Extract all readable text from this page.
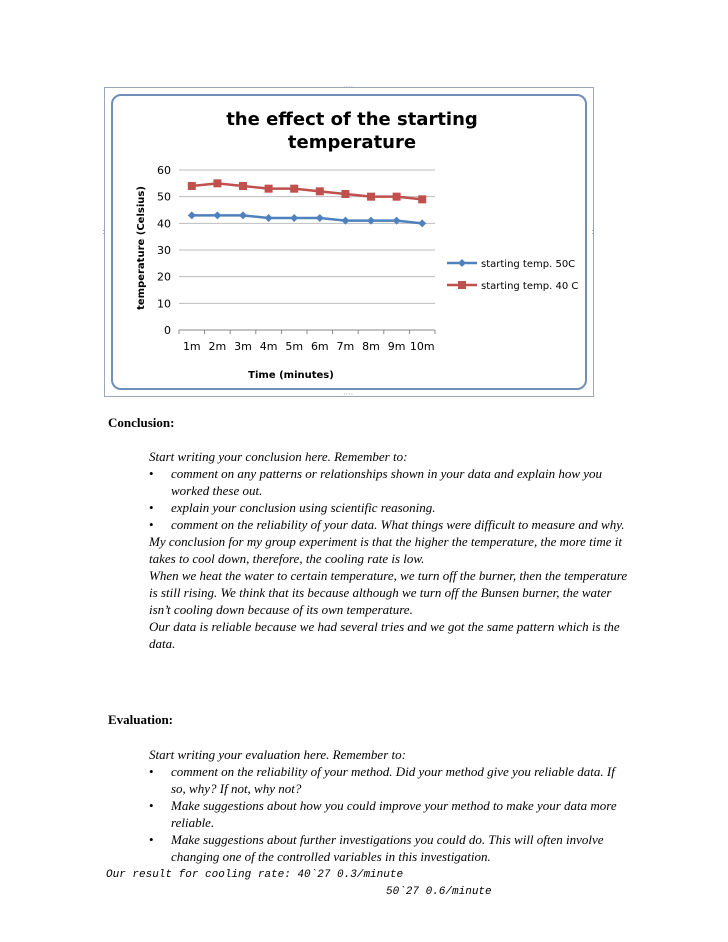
····
····
:	:
0
10
20
30
40
50
60
1m 2m 3m 4m 5m 6m 7m 8m 9m 10m
the effect of the starting
temperature
Time (minutes)
temperature (Celsius)	starting temp. 50C
starting temp. 40 C
Conclusion:

Start writing your conclusion here. Remember to:

• comment on any patterns or relationships shown in your data and explain how you worked these out.
• explain your conclusion using scientific reasoning.
• comment on the reliability of your data. What things were difficult to measure and why.

My conclusion for my group experiment is that the higher the temperature, the more time it takes to cool down, therefore, the cooling rate is low.

When we heat the water to certain temperature, we turn off the burner, then the temperature is still rising. We think that its because although we turn off the Bunsen burner, the water isn’t cooling down because of its own temperature.

Our data is reliable because we had several tries and we got the same pattern which is the data.

Evaluation:

Start writing your evaluation here. Remember to:

• comment on the reliability of your method. Did your method give you reliable data. If so, why? If not, why not?
• Make suggestions about how you could improve your method to make your data more reliable.
• Make suggestions about further investigations you could do. This will often involve changing one of the controlled variables in this investigation.
Our result for cooling rate: 40`27 0.3/minute
50`27 0.6/minute
